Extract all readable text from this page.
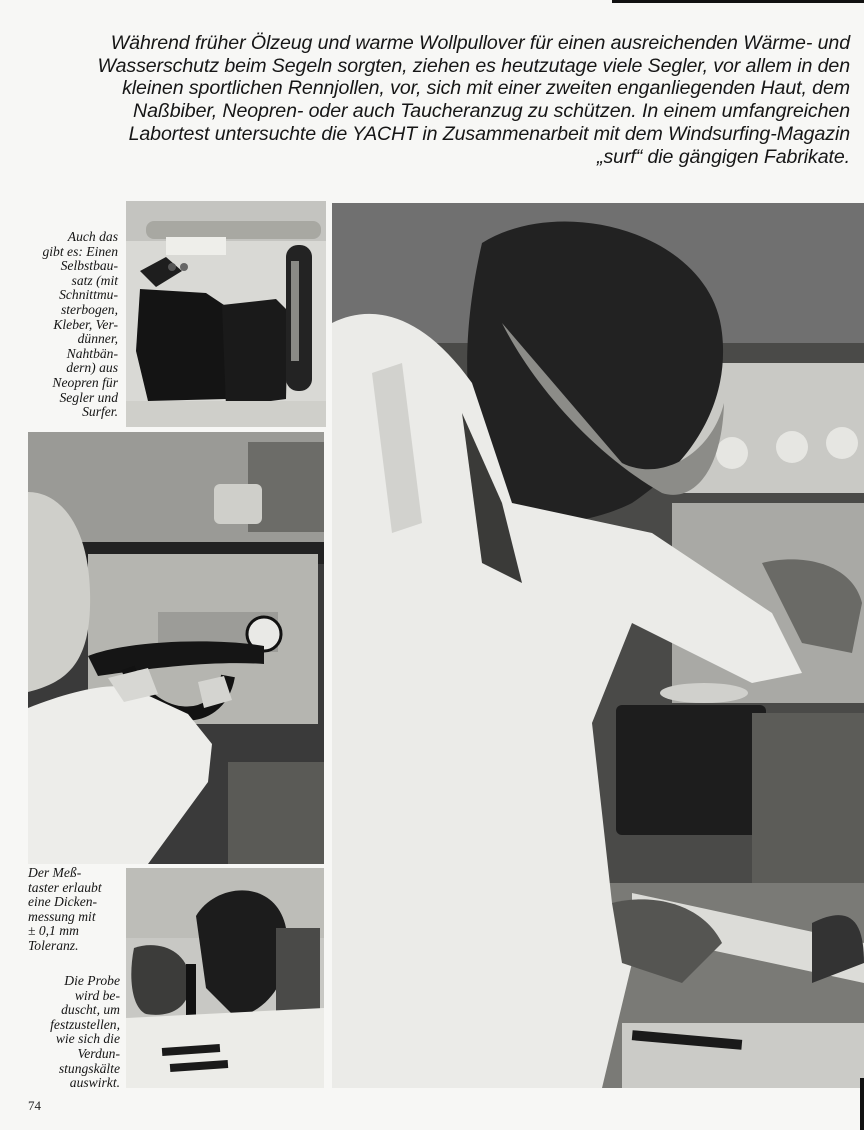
Während früher Ölzeug und warme Wollpullover für einen ausreichenden Wärme- und
Wasserschutz beim Segeln sorgten, ziehen es heutzutage viele Segler, vor allem in den
kleinen sportlichen Rennjollen, vor, sich mit einer zweiten enganliegenden Haut, dem
Naßbiber, Neopren- oder auch Taucheranzug zu schützen. In einem umfangreichen
Labortest untersuchte die YACHT in Zusammenarbeit mit dem Windsurfing-Magazin
„surf“ die gängigen Fabrikate.

Auch das
gibt es: Einen
Selbstbau-
satz (mit
Schnittmu-
sterbogen,
Kleber, Ver-
dünner,
Nahtbän-
dern) aus
Neopren für
Segler und
Surfer.

Der Meß-
taster erlaubt
eine Dicken-
messung mit
± 0,1 mm
Toleranz.

Die Probe
wird be-
duscht, um
festzustellen,
wie sich die
Verdun-
stungskälte
auswirkt.

74
